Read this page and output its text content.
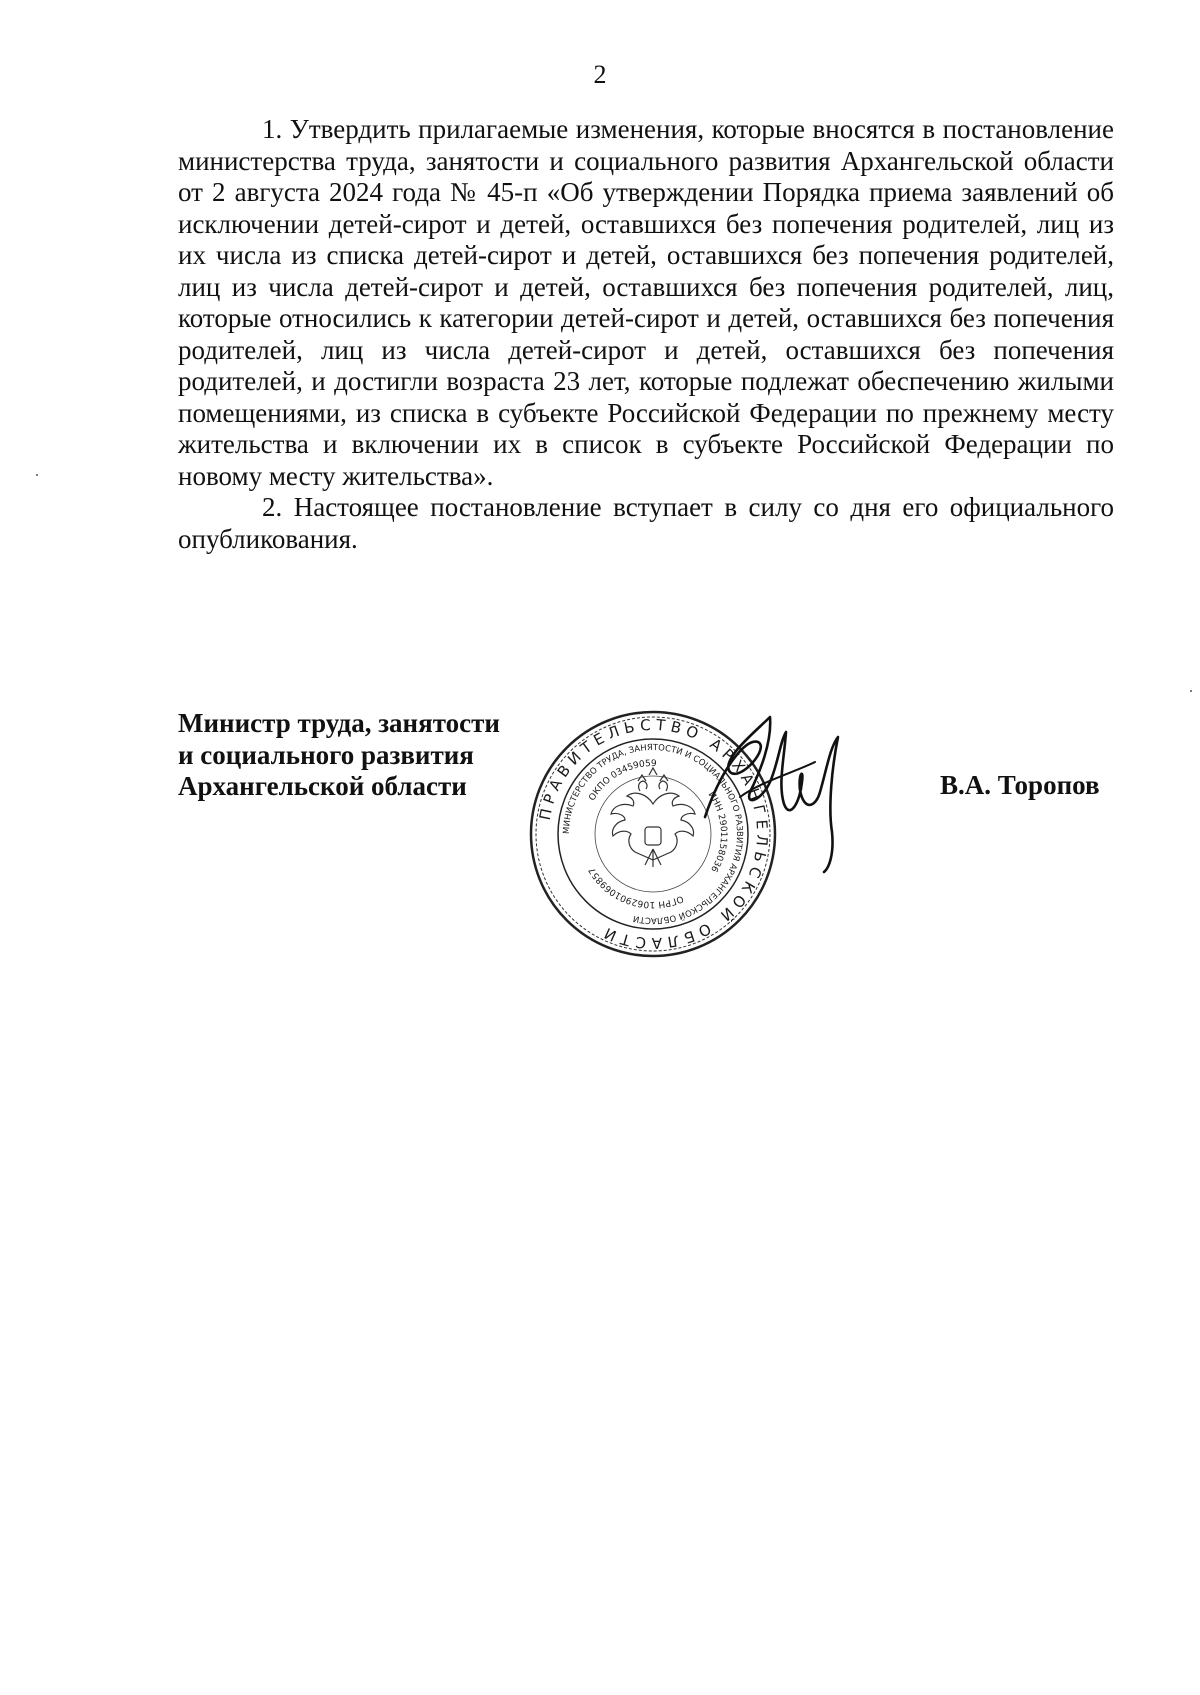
2

1. Утвердить прилагаемые изменения, которые вносятся в постановление министерства труда, занятости и социального развития Архангельской области от 2 августа 2024 года № 45-п «Об утверждении Порядка приема заявлений об исключении детей-сирот и детей, оставшихся без попечения родителей, лиц из их числа из списка детей-сирот и детей, оставшихся без попечения родителей, лиц из числа детей-сирот и детей, оставшихся без попечения родителей, лиц, которые относились к категории детей-сирот и детей, оставшихся без попечения родителей, лиц из числа детей-сирот и детей, оставшихся без попечения родителей, и достигли возраста 23 лет, которые подлежат обеспечению жилыми помещениями, из списка в субъекте Российской Федерации по прежнему месту жительства и включении их в список в субъекте Российской Федерации по новому месту жительства».

2. Настоящее постановление вступает в силу со дня его официального опубликования.

Министр труда, занятости
и социального развития
Архангельской области
ПРАВИТЕЛЬСТВО АРХАНГЕЛЬСКОЙ ОБЛАСТИ
МИНИСТЕРСТВО ТРУДА, ЗАНЯТОСТИ И СОЦИАЛЬНОГО РАЗВИТИЯ АРХАНГЕЛЬСКОЙ ОБЛАСТИ
ОКПО 03459059
ИНН 2901158036
ОГРН 1062901069857
В.А. Торопов
